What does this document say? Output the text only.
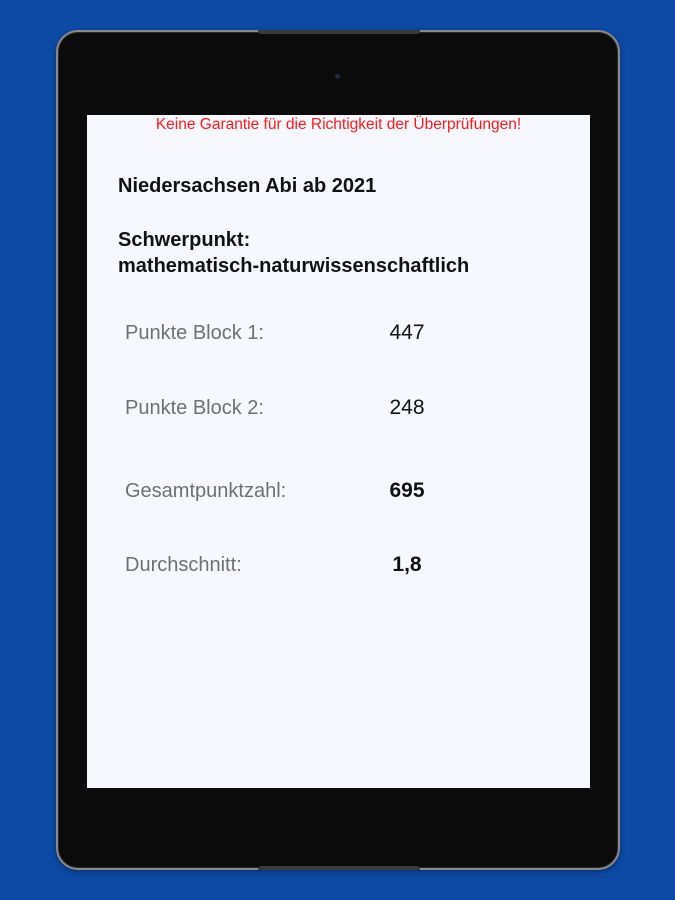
Keine Garantie für die Richtigkeit der Überprüfungen!
Niedersachsen Abi ab 2021
Schwerpunkt:
mathematisch-naturwissenschaftlich
Punkte Block 1:	447
Punkte Block 2:	248
Gesamtpunktzahl:	695
Durchschnitt:	1,8
